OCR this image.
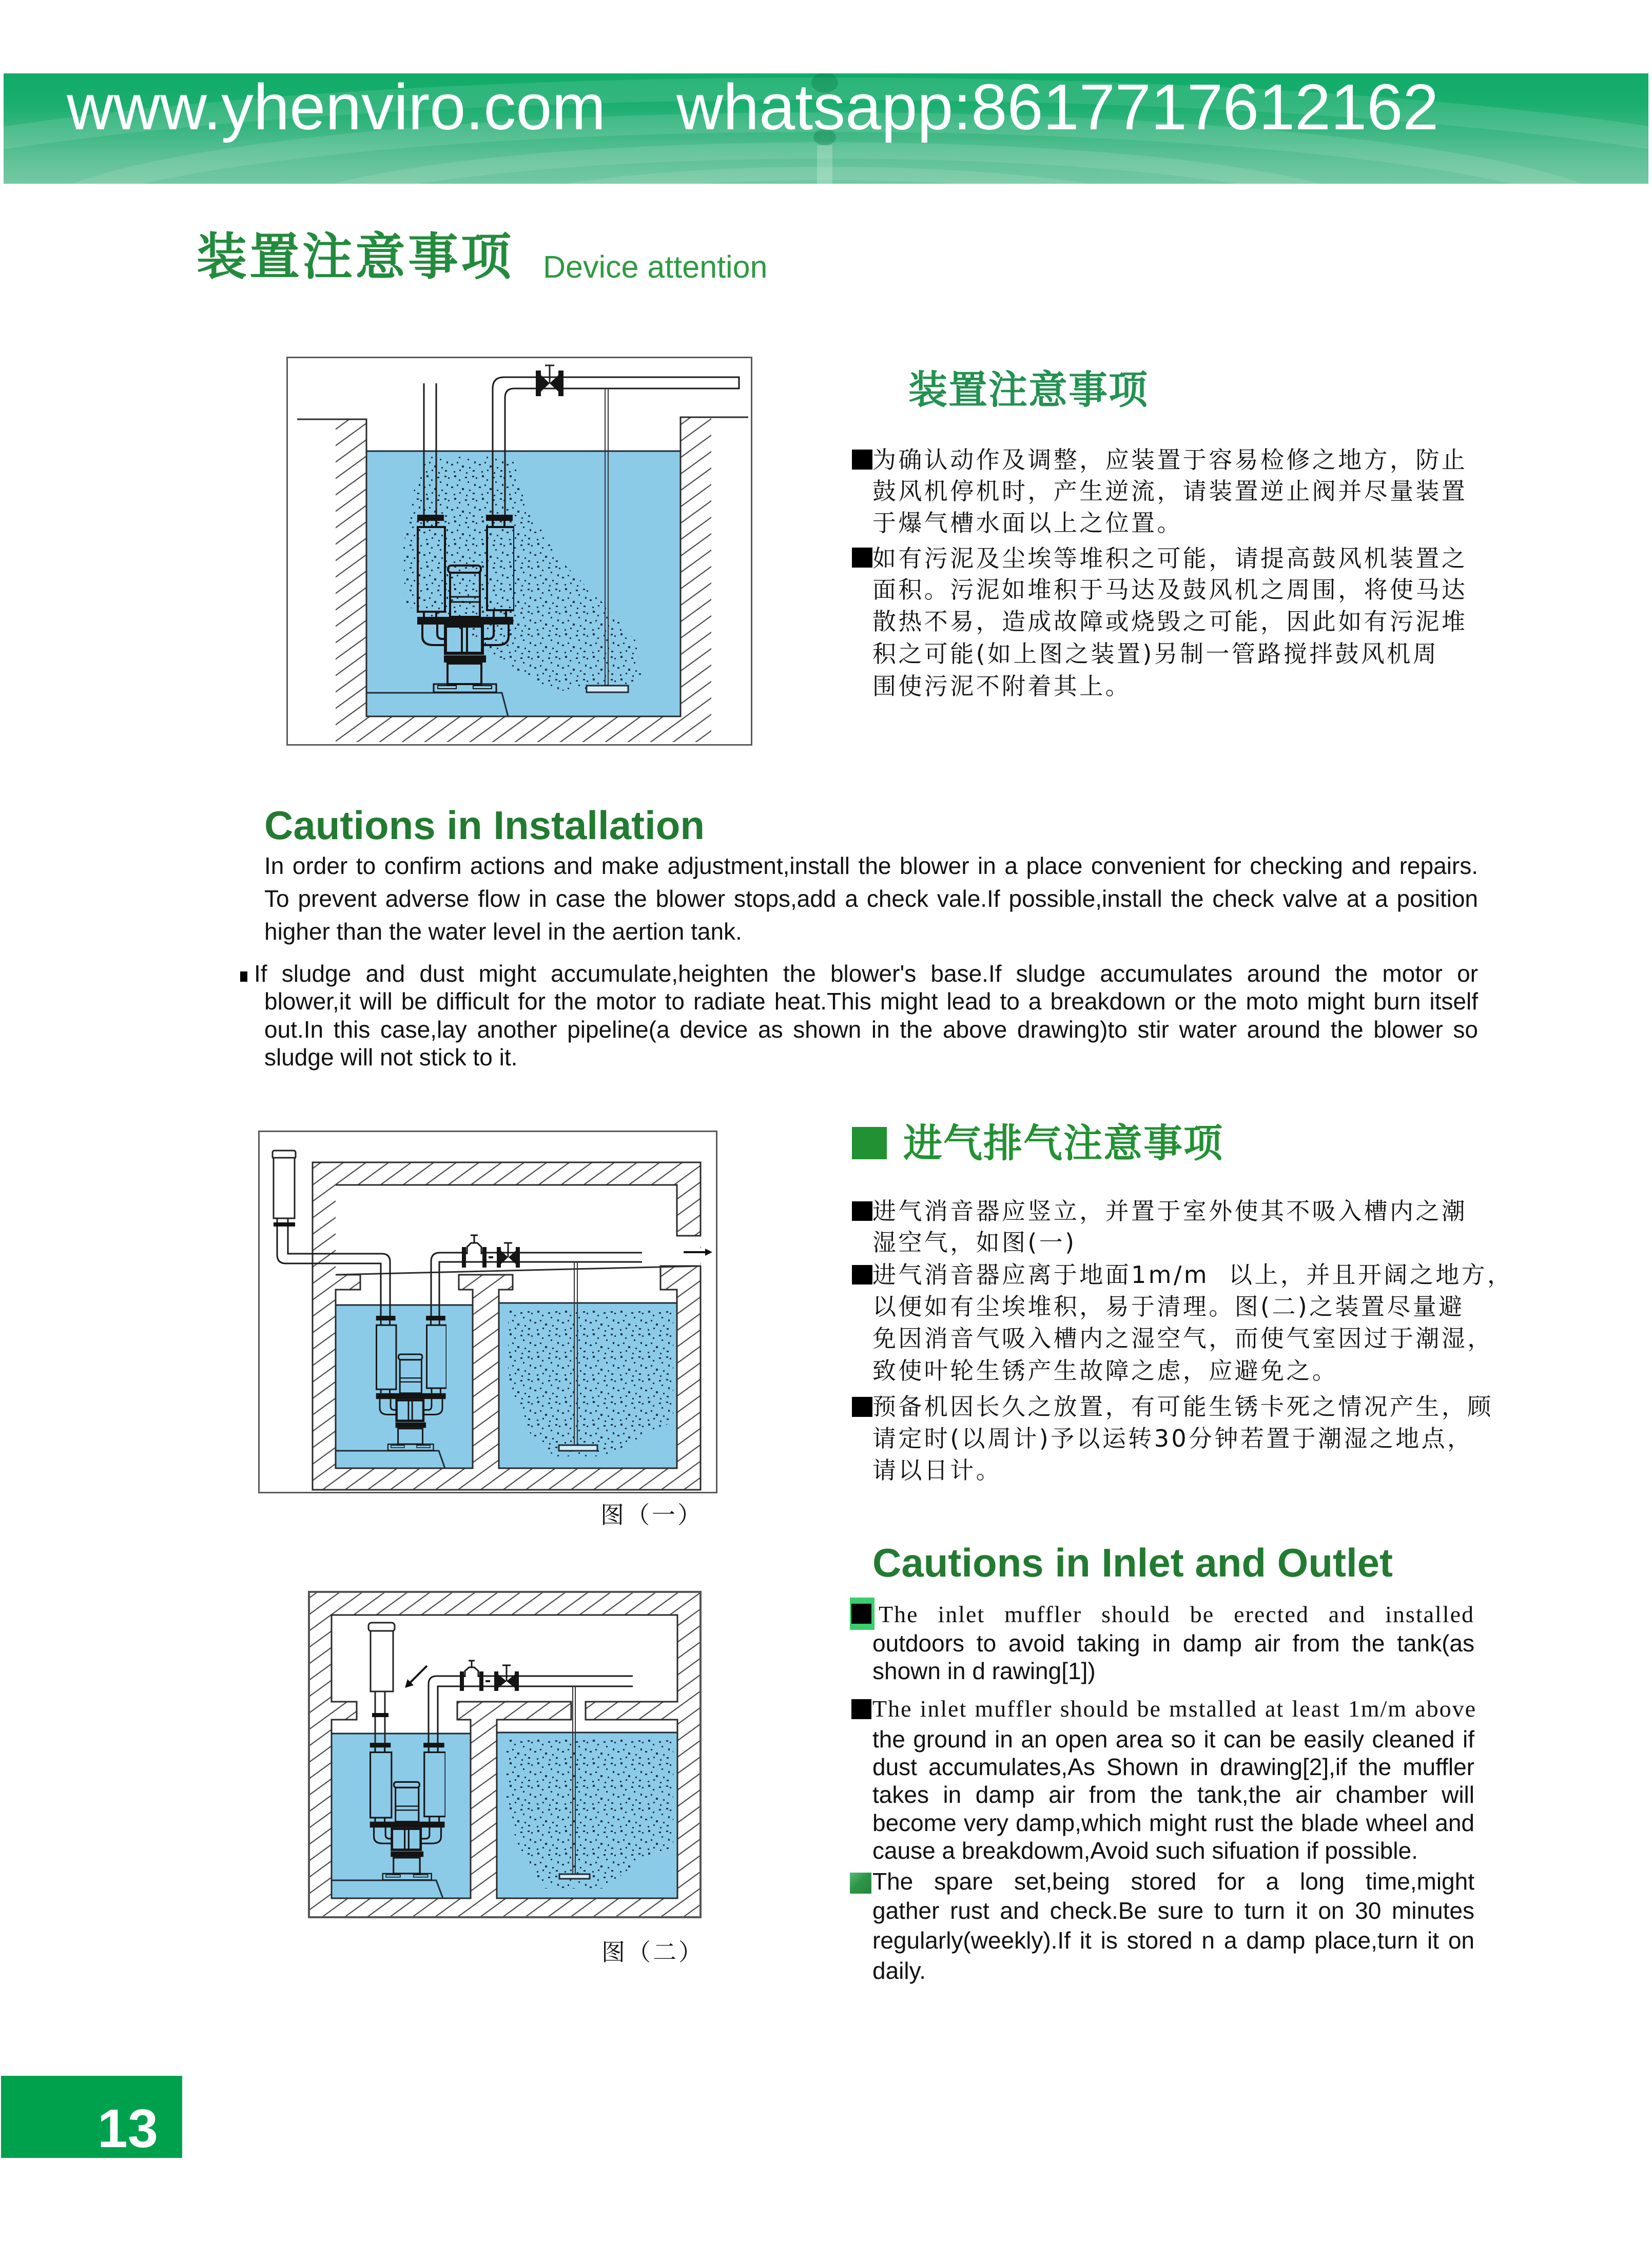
www.yhenviro.com whatsapp:8617717612162
装置注意事项 Device attention
装置注意事项
为确认动作及调整，应装置于容易检修之地方，防止
鼓风机停机时，产生逆流，请装置逆止阀并尽量装置
于爆气槽水面以上之位置。
如有污泥及尘埃等堆积之可能，请提高鼓风机装置之
面积。污泥如堆积于马达及鼓风机之周围，将使马达
散热不易，造成故障或烧毁之可能，因此如有污泥堆
积之可能(如上图之装置)另制一管路搅拌鼓风机周
围使污泥不附着其上。
Cautions in Installation
In order to confirm actions and make adjustment,install the blower in a place convenient for checking and repairs.
To prevent adverse flow in case the blower stops,add a check vale.If possible,install the check valve at a position
higher than the water level in the aertion tank.
If sludge and dust might accumulate,heighten the blower's base.If sludge accumulates around the motor or
blower,it will be difficult for the motor to radiate heat.This might lead to a breakdown or the moto might burn itself
out.In this case,lay another pipeline(a device as shown in the above drawing)to stir water around the blower so
sludge will not stick to it.
图（一）
进气排气注意事项
进气消音器应竖立，并置于室外使其不吸入槽内之潮
湿空气，如图(一)
进气消音器应离于地面1m/m  以上，并且开阔之地方，
以便如有尘埃堆积，易于清理。图(二)之装置尽量避
免因消音气吸入槽内之湿空气，而使气室因过于潮湿，
致使叶轮生锈产生故障之虑，应避免之。
预备机因长久之放置，有可能生锈卡死之情况产生，顾
请定时(以周计)予以运转30分钟若置于潮湿之地点，
请以日计。
图（二）
Cautions in Inlet and Outlet
The inlet muffler should be erected and installed
outdoors to avoid taking in damp air from the tank(as
shown in d rawing[1])
The inlet muffler should be mstalled at least 1m/m above
the ground in an open area so it can be easily cleaned if
dust accumulates,As Shown in drawing[2],if the muffler
takes in damp air from the tank,the air chamber will
become very damp,which might rust the blade wheel and
cause a breakdowm,Avoid such sifuation if possible.
The spare set,being stored for a long time,might
gather rust and check.Be sure to turn it on 30 minutes
regularly(weekly).If it is stored n a damp place,turn it on
daily.
13
